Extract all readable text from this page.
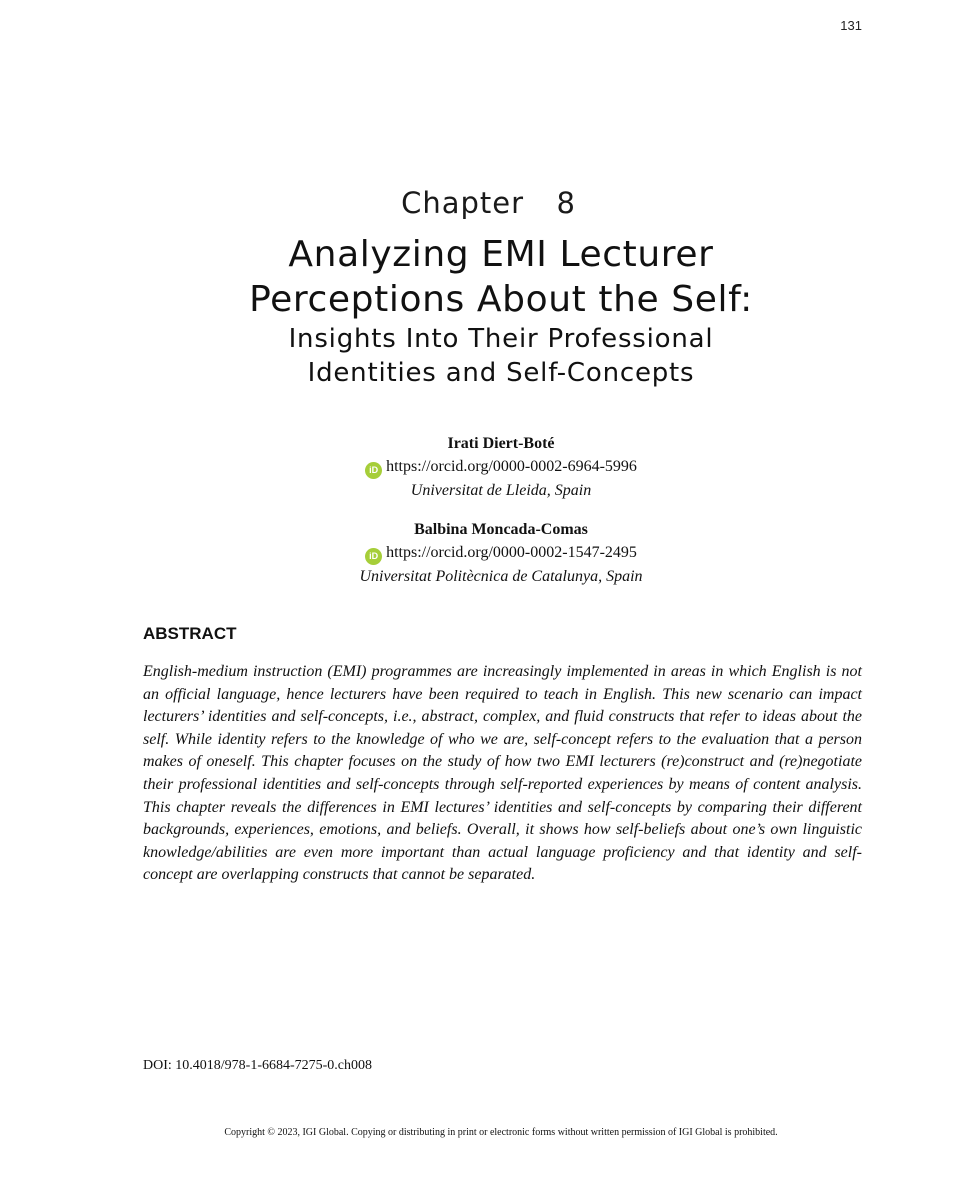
131
Chapter  8
Analyzing EMI Lecturer
Perceptions About the Self:
Insights Into Their Professional
Identities and Self-Concepts
Irati Diert-Boté
iD https://orcid.org/0000-0002-6964-5996
Universitat de Lleida, Spain
Balbina Moncada-Comas
iD https://orcid.org/0000-0002-1547-2495
Universitat Politècnica de Catalunya, Spain
ABSTRACT

English-medium instruction (EMI) programmes are increasingly implemented in areas in which English is not an official language, hence lecturers have been required to teach in English. This new scenario can impact lecturers’ identities and self-concepts, i.e., abstract, complex, and fluid constructs that refer to ideas about the self. While identity refers to the knowledge of who we are, self-concept refers to the evaluation that a person makes of oneself. This chapter focuses on the study of how two EMI lecturers (re)construct and (re)negotiate their professional identities and self-concepts through self-reported experiences by means of content analysis. This chapter reveals the differences in EMI lectures’ identities and self-concepts by comparing their different backgrounds, experiences, emotions, and beliefs. Overall, it shows how self-beliefs about one’s own linguistic knowledge/abilities are even more important than actual language proficiency and that identity and self-concept are overlapping constructs that cannot be separated.

DOI: 10.4018/978-1-6684-7275-0.ch008
Copyright © 2023, IGI Global. Copying or distributing in print or electronic forms without written permission of IGI Global is prohibited.
